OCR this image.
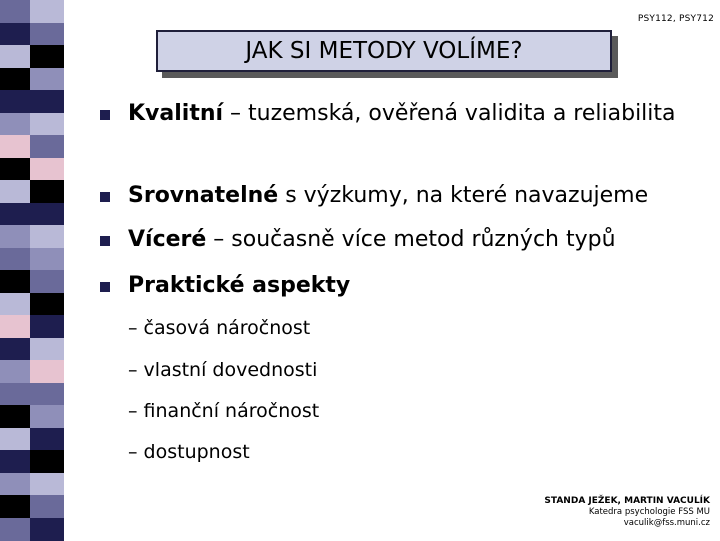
PSY112, PSY712
JAK SI METODY VOLÍME?
Kvalitní – tuzemská, ověřená validita a reliabilita
Srovnatelné s výzkumy, na které navazujeme
Víceré – současně více metod různých typů
Praktické aspekty
– časová náročnost
– vlastní dovednosti
– finanční náročnost
– dostupnost
STANDA JEŽEK, MARTIN VACULÍK
Katedra psychologie FSS MU
vaculik@fss.muni.cz
